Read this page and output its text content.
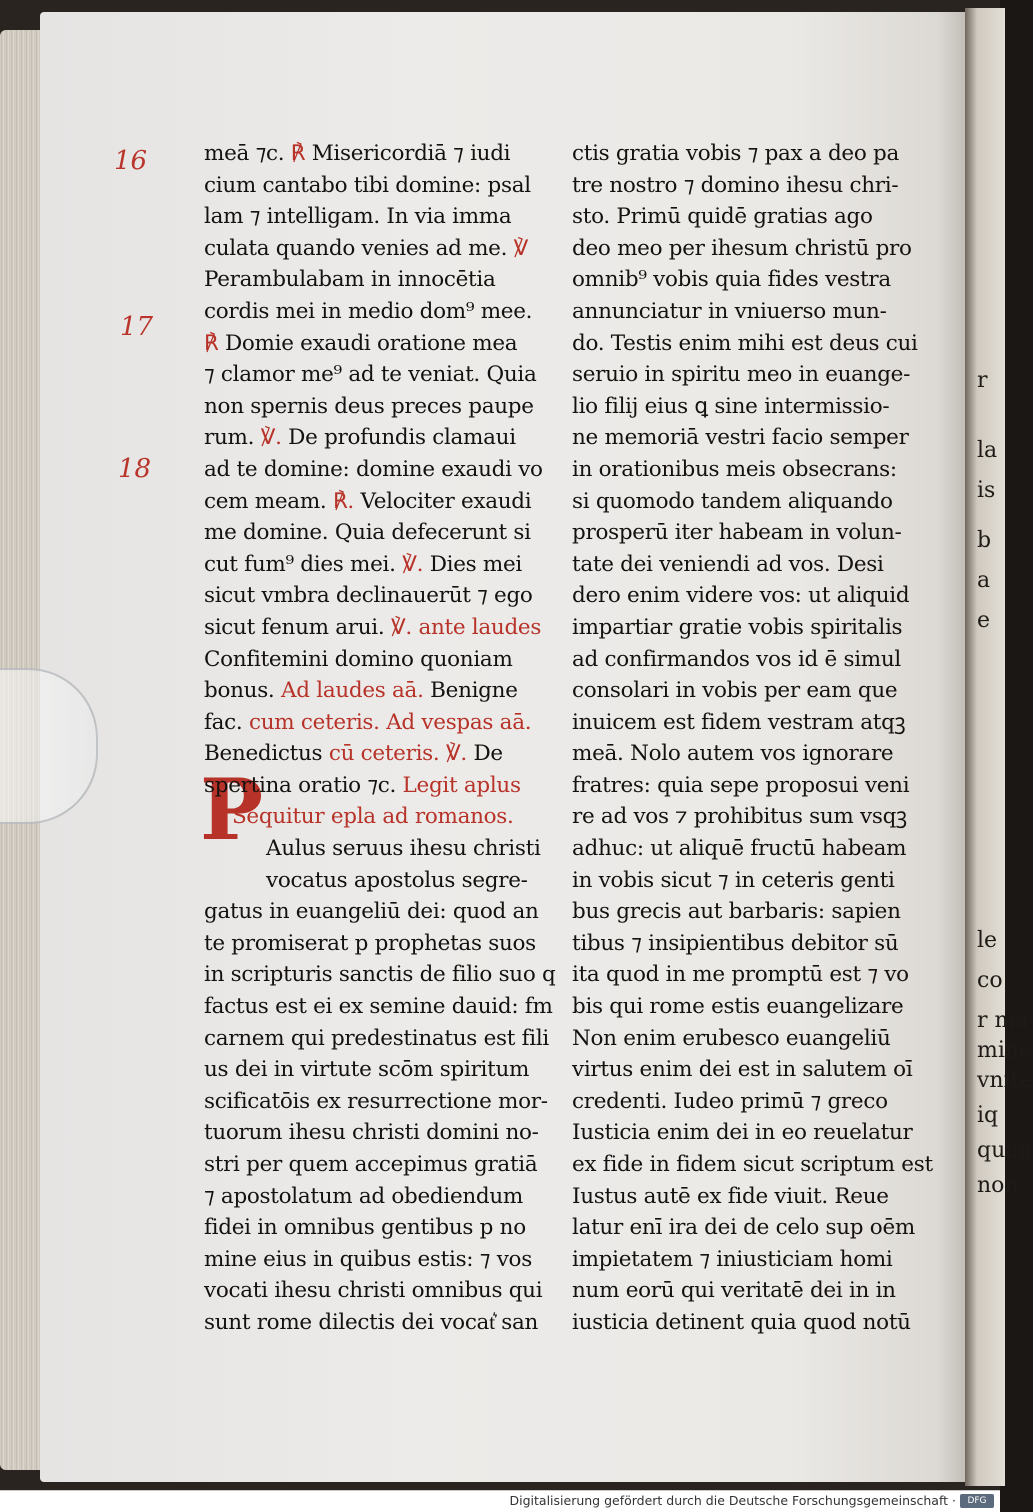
r
la
is
b
a
e
le
co
r ma
mine
vnite
iq
quan
non
16
17
18
P
meā ⁊c. ℟ Misericordiā ⁊ iudi
cium cantabo tibi domine: psal
lam ⁊ intelligam. In via imma
culata quando venies ad me. ℣
Perambulabam in innocētia
cordis mei in medio dom⁹ mee.
℟ Domie exaudi oratione mea
⁊ clamor me⁹ ad te veniat. Quia
non spernis deus preces paupe
rum. ℣. De profundis clamaui
ad te domine: domine exaudi vo
cem meam. ℟. Velociter exaudi
me domine. Quia defecerunt si
cut fum⁹ dies mei. ℣. Dies mei
sicut vmbra declinauerūt ⁊ ego
sicut fenum arui. ℣. ante laudes
Confitemini domino quoniam
bonus. Ad laudes aā. Benigne
fac. cum ceteris. Ad vespas aā.
Benedictus cū ceteris. ℣. De
spertina oratio ⁊c. Legit aplus
Sequitur epla ad romanos.
Aulus seruus ihesu christi
vocatus apostolus segre-
gatus in euangeliū dei: quod an
te promiserat p prophetas suos
in scripturis sanctis de filio suo q
factus est ei ex semine dauid: fm
carnem qui predestinatus est fili
us dei in virtute scōm spiritum
scificatōis ex resurrectione mor-
tuorum ihesu christi domini no-
stri per quem accepimus gratiā
⁊ apostolatum ad obediendum
fidei in omnibus gentibus p no
mine eius in quibus estis: ⁊ vos
vocati ihesu christi omnibus qui
sunt rome dilectis dei vocat͛ san
ctis gratia vobis ⁊ pax a deo pa
tre nostro ⁊ domino ihesu chri-
sto. Primū quidē gratias ago
deo meo per ihesum christū pro
omnib⁹ vobis quia fides vestra
annunciatur in vniuerso mun-
do. Testis enim mihi est deus cui
seruio in spiritu meo in euange-
lio filij eius ꝗ sine intermissio-
ne memoriā vestri facio semper
in orationibus meis obsecrans:
si quomodo tandem aliquando
prosperū iter habeam in volun-
tate dei veniendi ad vos. Desi
dero enim videre vos: ut aliquid
impartiar gratie vobis spiritalis
ad confirmandos vos id ē simul
consolari in vobis per eam que
inuicem est fidem vestram atqꝫ
meā. Nolo autem vos ignorare
fratres: quia sepe proposui veni
re ad vos ⁊ prohibitus sum vsqꝫ
adhuc: ut aliquē fructū habeam
in vobis sicut ⁊ in ceteris genti
bus grecis aut barbaris: sapien
tibus ⁊ insipientibus debitor sū
ita quod in me promptū est ⁊ vo
bis qui rome estis euangelizare
Non enim erubesco euangeliū
virtus enim dei est in salutem oī
credenti. Iudeo primū ⁊ greco
Iusticia enim dei in eo reuelatur
ex fide in fidem sicut scriptum est
Iustus autē ex fide viuit. Reue
latur enī ira dei de celo sup oēm
impietatem ⁊ iniusticiam homi
num eorū qui veritatē dei in in
iusticia detinent quia quod notū
Digitalisierung gefördert durch die Deutsche Forschungsgemeinschaft ·	DFG
